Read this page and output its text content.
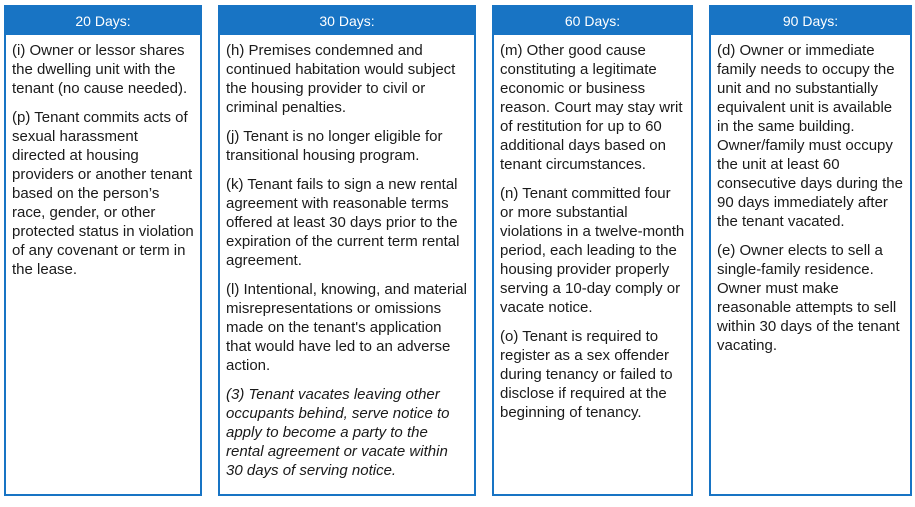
20 Days:

(i) Owner or lessor shares the dwelling unit with the tenant (no cause needed).

(p) Tenant commits acts of sexual harassment directed at housing providers or another tenant based on the person’s race, gender, or other protected status in violation of any covenant or term in the lease.

30 Days:

(h) Premises condemned and continued habitation would subject the housing provider to civil or criminal penalties.

(j) Tenant is no longer eligible for transitional housing program.

(k) Tenant fails to sign a new rental agreement with reasonable terms offered at least 30 days prior to the expiration of the current term rental agreement.

(l) Intentional, knowing, and material misrepresentations or omissions made on the tenant's application that would have led to an adverse action.

(3) Tenant vacates leaving other occupants behind, serve notice to apply to become a party to the rental agreement or vacate within 30 days of serving notice.

60 Days:

(m) Other good cause constituting a legitimate economic or business reason. Court may stay writ of restitution for up to 60 additional days based on tenant circumstances.

(n) Tenant committed four or more substantial violations in a twelve-month period, each leading to the housing provider properly serving a 10-day comply or vacate notice.

(o) Tenant is required to register as a sex offender during tenancy or failed to disclose if required at the beginning of tenancy.

90 Days:

(d) Owner or immediate family needs to occupy the unit and no substantially equivalent unit is available in the same building. Owner/family must occupy the unit at least 60 consecutive days during the 90 days immediately after the tenant vacated.

(e) Owner elects to sell a single-family residence. Owner must make reasonable attempts to sell within 30 days of the tenant vacating.
